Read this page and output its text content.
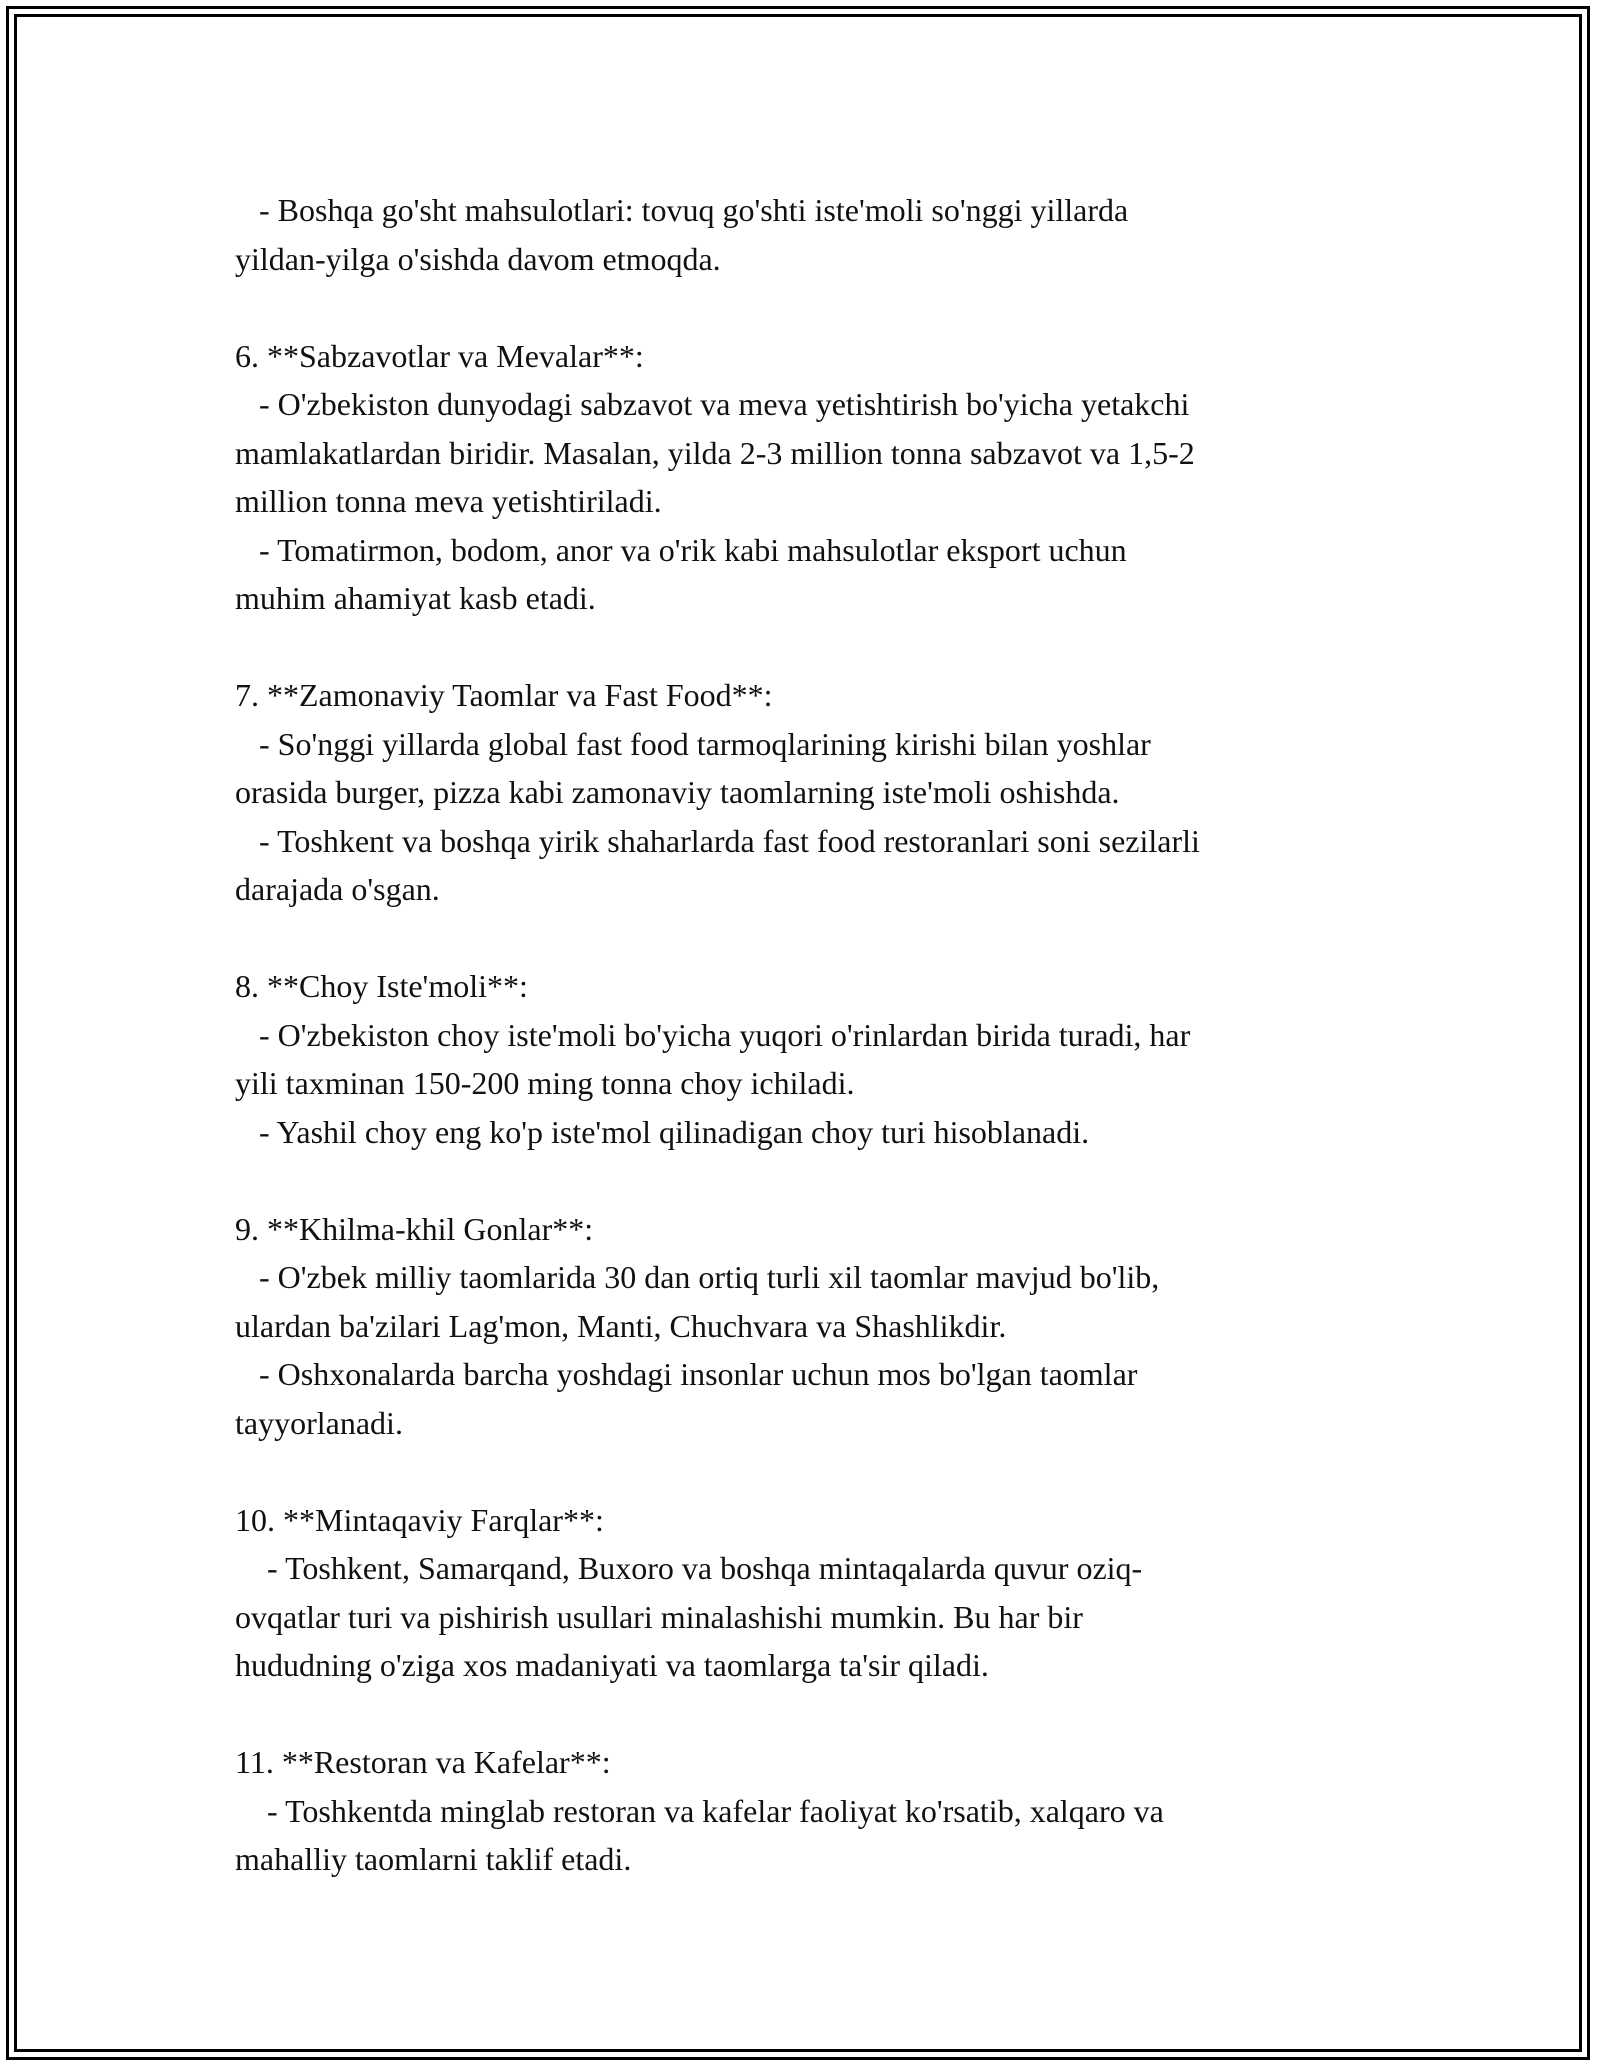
- Boshqa go'sht mahsulotlari: tovuq go'shti iste'moli so'nggi yillarda
yildan-yilga o'sishda davom etmoqda.
6. **Sabzavotlar va Mevalar**:
- O'zbekiston dunyodagi sabzavot va meva yetishtirish bo'yicha yetakchi
mamlakatlardan biridir. Masalan, yilda 2-3 million tonna sabzavot va 1,5-2
million tonna meva yetishtiriladi.
- Tomatirmon, bodom, anor va o'rik kabi mahsulotlar eksport uchun
muhim ahamiyat kasb etadi.
7. **Zamonaviy Taomlar va Fast Food**:
- So'nggi yillarda global fast food tarmoqlarining kirishi bilan yoshlar
orasida burger, pizza kabi zamonaviy taomlarning iste'moli oshishda.
- Toshkent va boshqa yirik shaharlarda fast food restoranlari soni sezilarli
darajada o'sgan.
8. **Choy Iste'moli**:
- O'zbekiston choy iste'moli bo'yicha yuqori o'rinlardan birida turadi, har
yili taxminan 150-200 ming tonna choy ichiladi.
- Yashil choy eng ko'p iste'mol qilinadigan choy turi hisoblanadi.
9. **Khilma-khil Gonlar**:
- O'zbek milliy taomlarida 30 dan ortiq turli xil taomlar mavjud bo'lib,
ulardan ba'zilari Lag'mon, Manti, Chuchvara va Shashlikdir.
- Oshxonalarda barcha yoshdagi insonlar uchun mos bo'lgan taomlar
tayyorlanadi.
10. **Mintaqaviy Farqlar**:
- Toshkent, Samarqand, Buxoro va boshqa mintaqalarda quvur oziq-
ovqatlar turi va pishirish usullari minalashishi mumkin. Bu har bir
hududning o'ziga xos madaniyati va taomlarga ta'sir qiladi.
11. **Restoran va Kafelar**:
- Toshkentda minglab restoran va kafelar faoliyat ko'rsatib, xalqaro va
mahalliy taomlarni taklif etadi.
